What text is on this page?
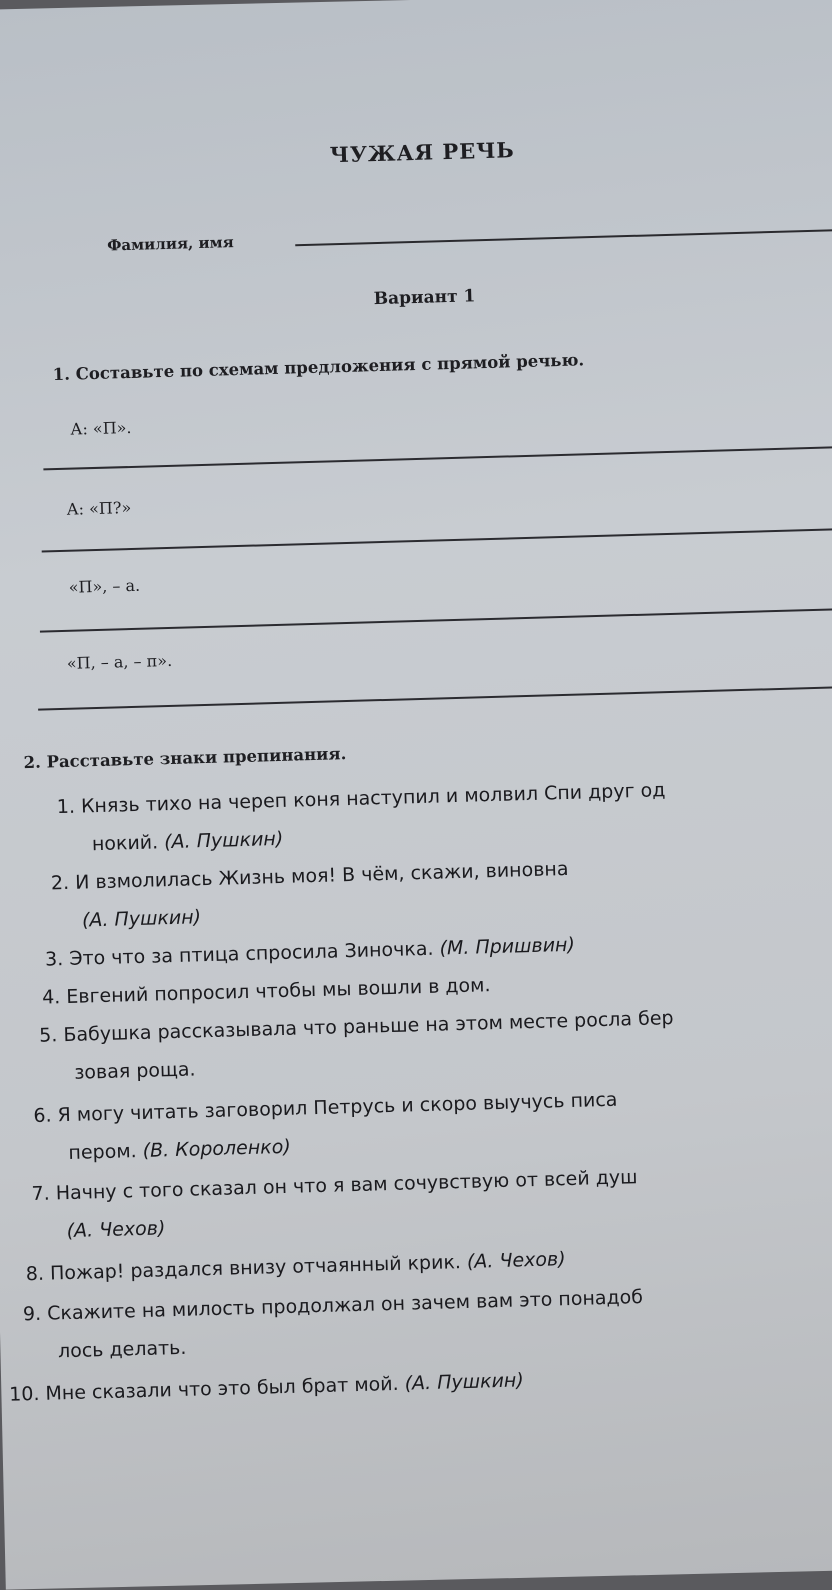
ЧУЖАЯ РЕЧЬ
Фамилия, имя
Вариант 1
1. Составьте по схемам предложения с прямой речью.
А: «П».
А: «П?»
«П», – а.
«П, – а, – п».
2. Расставьте знаки препинания.
1. Князь тихо на череп коня наступил и молвил Спи друг од
нокий. (А. Пушкин)
2. И взмолилась Жизнь моя! В чём, скажи, виновна
(А. Пушкин)
3. Это что за птица спросила Зиночка. (М. Пришвин)
4. Евгений попросил чтобы мы вошли в дом.
5. Бабушка рассказывала что раньше на этом месте росла бер
зовая роща.
6. Я могу читать заговорил Петрусь и скоро выучусь писа
пером. (В. Короленко)
7. Начну с того сказал он что я вам сочувствую от всей душ
(А. Чехов)
8. Пожар! раздался внизу отчаянный крик. (А. Чехов)
9. Скажите на милость продолжал он зачем вам это понадоб
лось делать.
10. Мне сказали что это был брат мой. (А. Пушкин)
